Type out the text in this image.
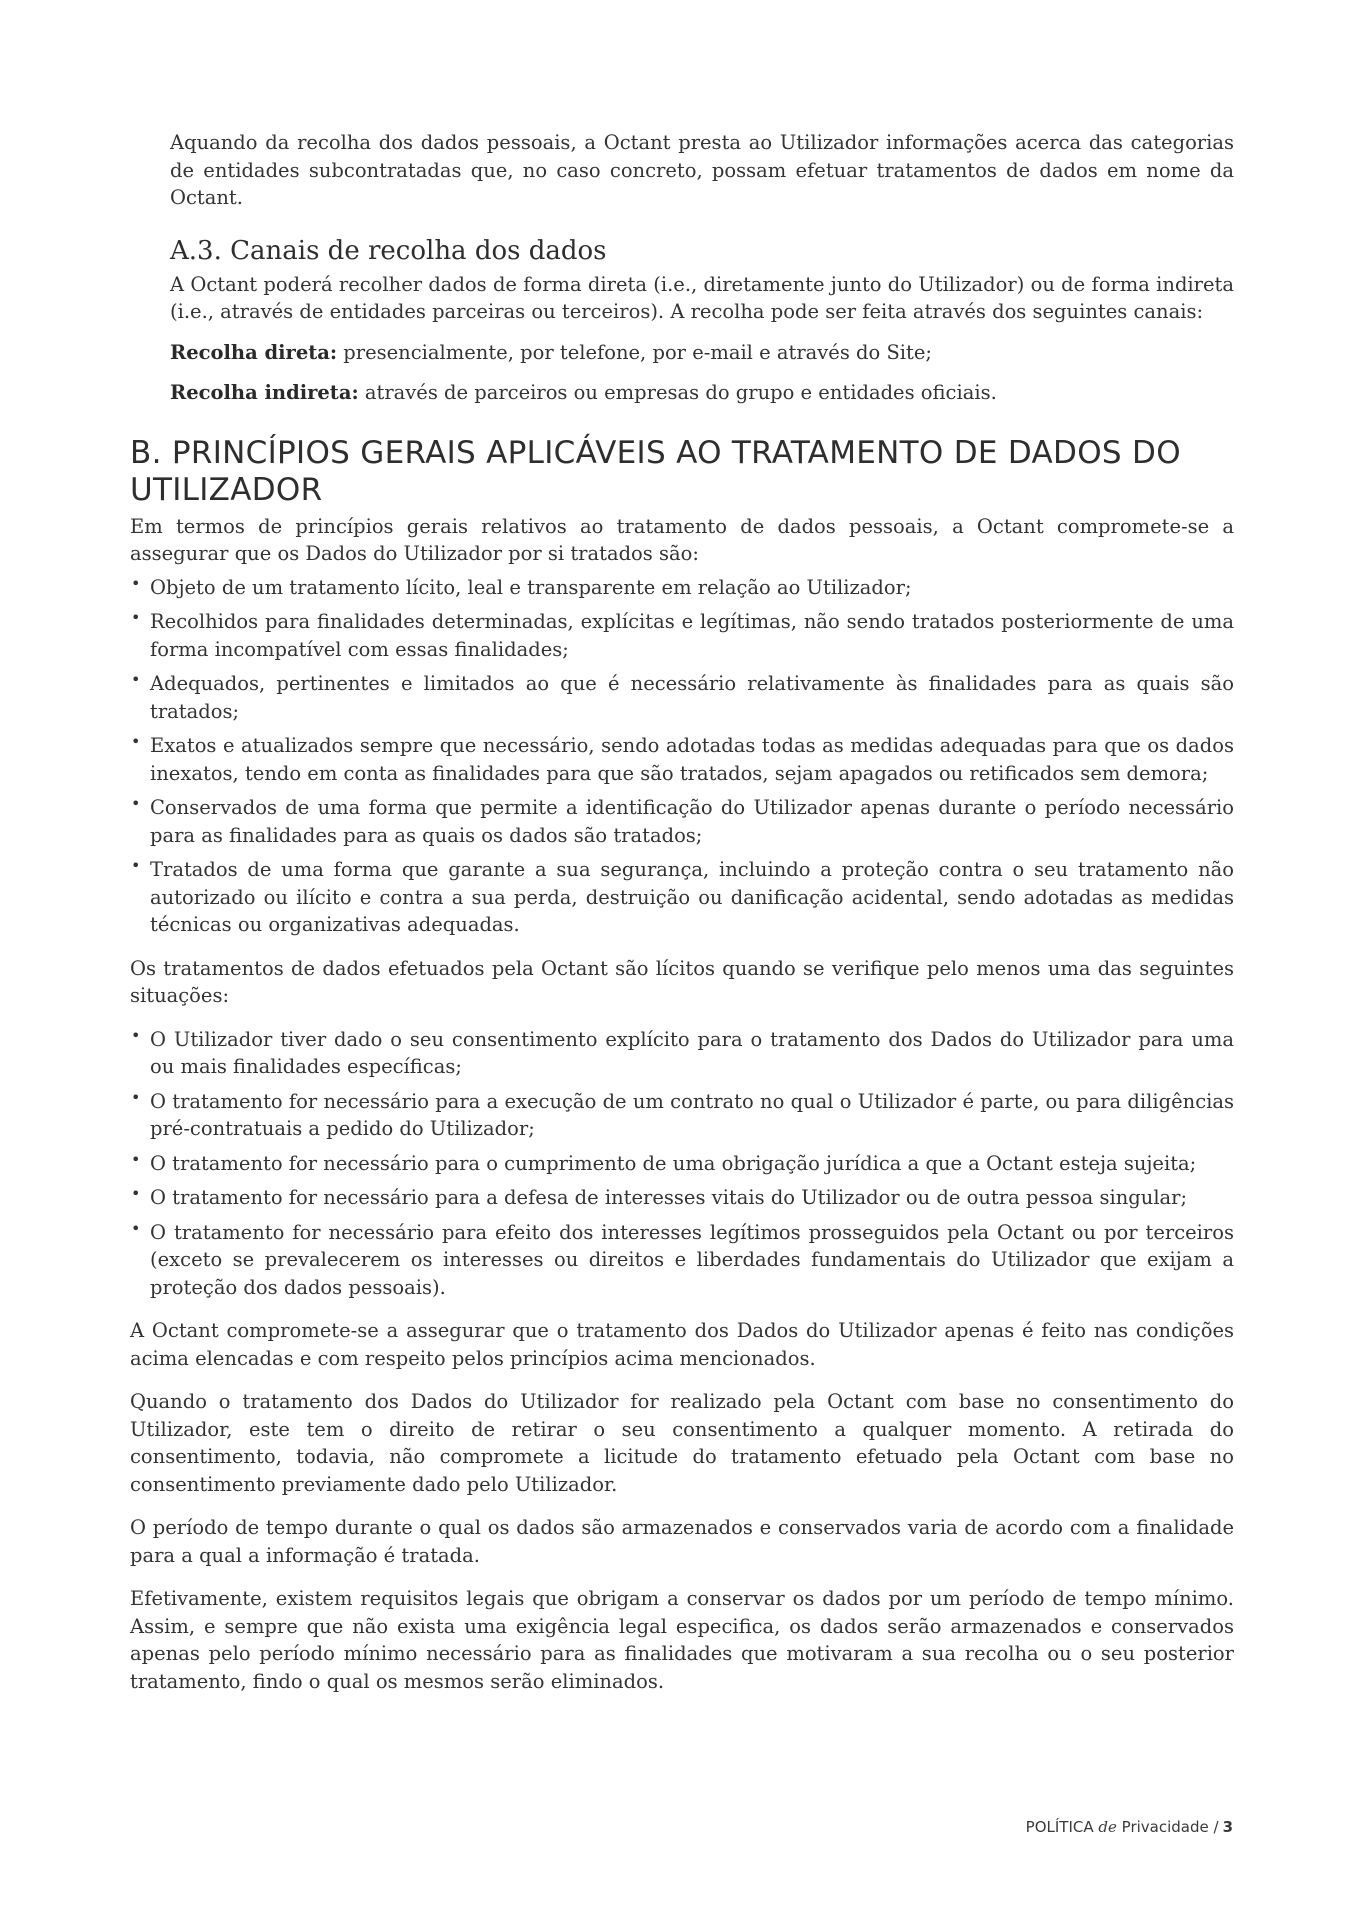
Aquando da recolha dos dados pessoais, a Octant presta ao Utilizador informações acerca das categorias de entidades subcontratadas que, no caso concreto, possam efetuar tratamentos de dados em nome da Octant.

A.3. Canais de recolha dos dados

A Octant poderá recolher dados de forma direta (i.e., diretamente junto do Utilizador) ou de forma indireta (i.e., através de entidades parceiras ou terceiros). A recolha pode ser feita através dos seguintes canais:

Recolha direta: presencialmente, por telefone, por e-mail e através do Site;

Recolha indireta: através de parceiros ou empresas do grupo e entidades oficiais.

B. PRINCÍPIOS GERAIS APLICÁVEIS AO TRATAMENTO DE DADOS DO UTILIZADOR

Em termos de princípios gerais relativos ao tratamento de dados pessoais, a Octant compromete-se a assegurar que os Dados do Utilizador por si tratados são:

• Objeto de um tratamento lícito, leal e transparente em relação ao Utilizador;

• Recolhidos para finalidades determinadas, explícitas e legítimas, não sendo tratados posteriormente de uma forma incompatível com essas finalidades;

• Adequados, pertinentes e limitados ao que é necessário relativamente às finalidades para as quais são tratados;

• Exatos e atualizados sempre que necessário, sendo adotadas todas as medidas adequadas para que os dados inexatos, tendo em conta as finalidades para que são tratados, sejam apagados ou retificados sem demora;

• Conservados de uma forma que permite a identificação do Utilizador apenas durante o período necessário para as finalidades para as quais os dados são tratados;

• Tratados de uma forma que garante a sua segurança, incluindo a proteção contra o seu tratamento não autorizado ou ilícito e contra a sua perda, destruição ou danificação acidental, sendo adotadas as medidas técnicas ou organizativas adequadas.

Os tratamentos de dados efetuados pela Octant são lícitos quando se verifique pelo menos uma das seguintes situações:

• O Utilizador tiver dado o seu consentimento explícito para o tratamento dos Dados do Utilizador para uma ou mais finalidades específicas;

• O tratamento for necessário para a execução de um contrato no qual o Utilizador é parte, ou para diligências pré-contratuais a pedido do Utilizador;

• O tratamento for necessário para o cumprimento de uma obrigação jurídica a que a Octant esteja sujeita;

• O tratamento for necessário para a defesa de interesses vitais do Utilizador ou de outra pessoa singular;

• O tratamento for necessário para efeito dos interesses legítimos prosseguidos pela Octant ou por terceiros (exceto se prevalecerem os interesses ou direitos e liberdades fundamentais do Utilizador que exijam a proteção dos dados pessoais).

A Octant compromete-se a assegurar que o tratamento dos Dados do Utilizador apenas é feito nas condições acima elencadas e com respeito pelos princípios acima mencionados.

Quando o tratamento dos Dados do Utilizador for realizado pela Octant com base no consentimento do Utilizador, este tem o direito de retirar o seu consentimento a qualquer momento. A retirada do consentimento, todavia, não compromete a licitude do tratamento efetuado pela Octant com base no consentimento previamente dado pelo Utilizador.

O período de tempo durante o qual os dados são armazenados e conservados varia de acordo com a finalidade para a qual a informação é tratada.

Efetivamente, existem requisitos legais que obrigam a conservar os dados por um período de tempo mínimo. Assim, e sempre que não exista uma exigência legal especifica, os dados serão armazenados e conservados apenas pelo período mínimo necessário para as finalidades que motivaram a sua recolha ou o seu posterior tratamento, findo o qual os mesmos serão eliminados.

POLÍTICA de Privacidade / 3
